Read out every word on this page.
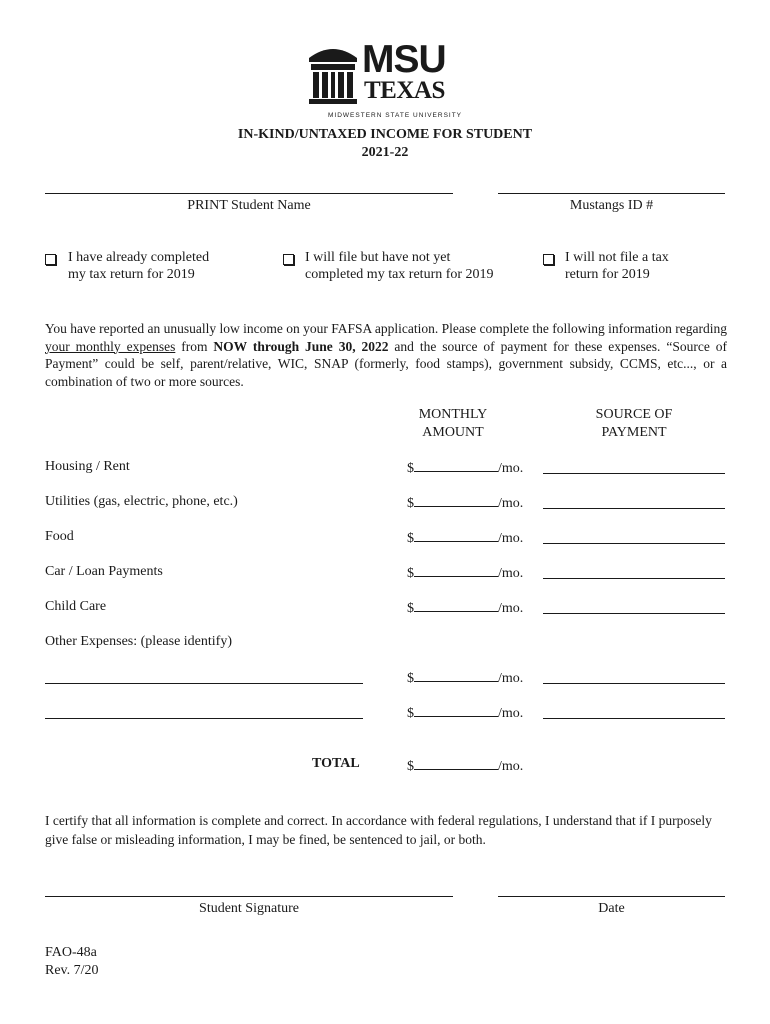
MSU
TEXAS
MIDWESTERN STATE UNIVERSITY
IN-KIND/UNTAXED INCOME FOR STUDENT
2021-22
PRINT Student Name	Mustangs ID #
I have already completed
my tax return for 2019
I will file but have not yet
completed my tax return for 2019
I will not file a tax
return for 2019
You have reported an unusually low income on your FAFSA application. Please complete the following information regarding your monthly expenses from NOW through June 30, 2022 and the source of payment for these expenses. “Source of Payment” could be self, parent/relative, WIC, SNAP (formerly, food stamps), government subsidy, CCMS, etc..., or a combination of two or more sources.
MONTHLY
AMOUNT
SOURCE OF
PAYMENT
Housing / Rent	$	/mo.
Utilities (gas, electric, phone, etc.)	$	/mo.
Food	$	/mo.
Car / Loan Payments	$	/mo.
Child Care	$	/mo.
Other Expenses: (please identify)
$	/mo.
$	/mo.
TOTAL	$	/mo.
I certify that all information is complete and correct. In accordance with federal regulations, I understand that if I purposely give false or misleading information, I may be fined, be sentenced to jail, or both.
Student Signature	Date
FAO-48a
Rev. 7/20
